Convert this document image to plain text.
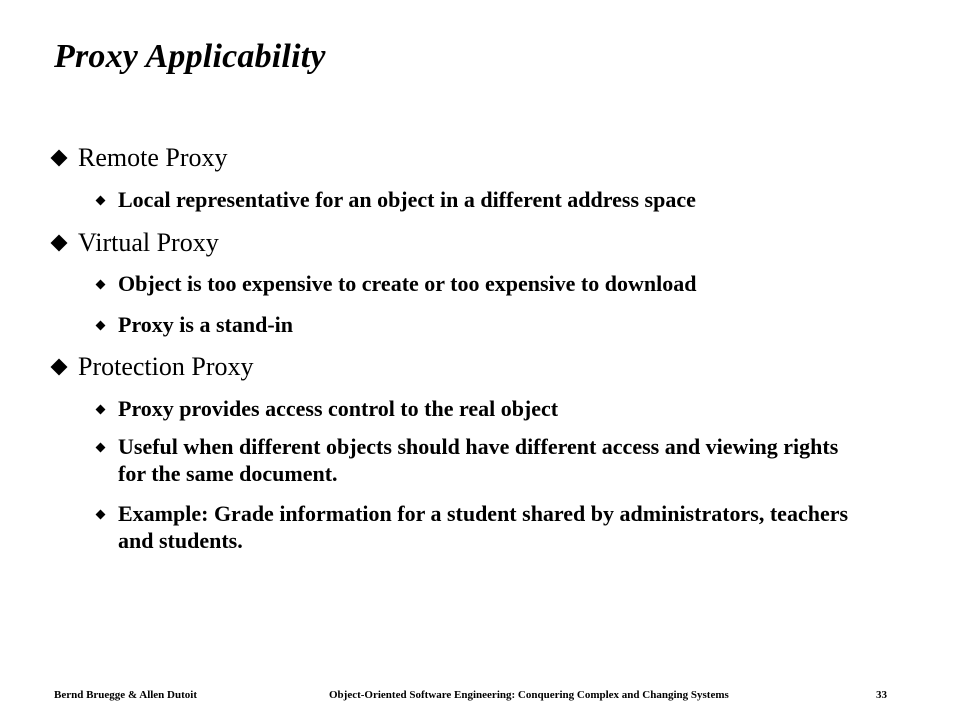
Proxy Applicability
Remote Proxy
Local representative for an object in a different address space
Virtual Proxy
Object is too expensive to create or too expensive to download
Proxy is a stand-in
Protection Proxy
Proxy provides access control to the real object
Useful when different objects should have different access and viewing rights for the same document.
Example: Grade information for a student shared by administrators, teachers and students.
Bernd Bruegge & Allen Dutoit	Object-Oriented Software Engineering: Conquering Complex and Changing Systems	33
